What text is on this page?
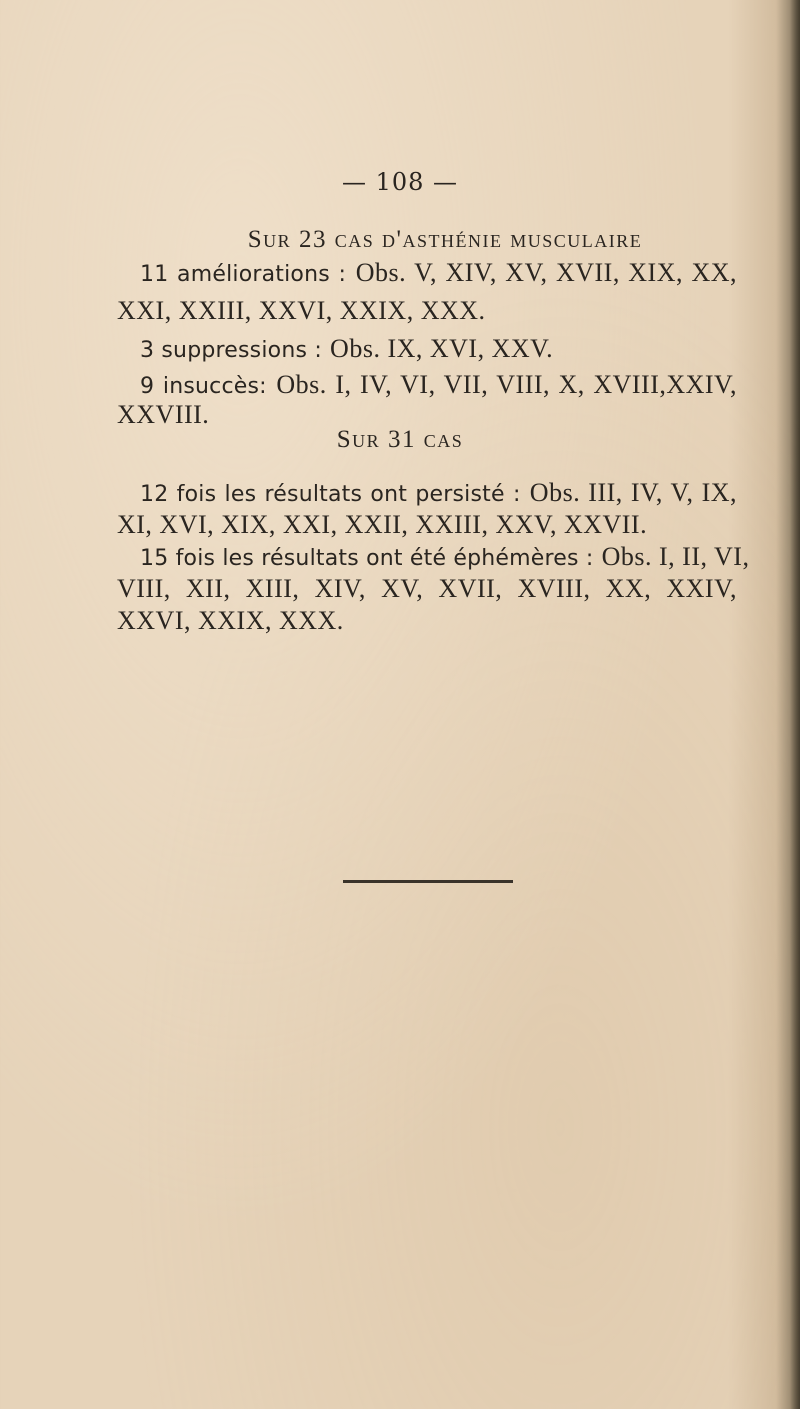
— 108 —
Sur 23 cas d'asthénie musculaire
11 améliorations : Obs. V, XIV, XV, XVII, XIX, XX,
XXI, XXIII, XXVI, XXIX, XXX.
3 suppressions : Obs. IX, XVI, XXV.
9 insuccès: Obs. I, IV, VI, VII, VIII, X, XVIII,XXIV,
XXVIII.
Sur 31 cas
12 fois les résultats ont persisté : Obs. III, IV, V, IX,
XI, XVI, XIX, XXI, XXII, XXIII, XXV, XXVII.
15 fois les résultats ont été éphémères : Obs. I, II, VI,
VIII, XII, XIII, XIV, XV, XVII, XVIII, XX, XXIV,
XXVI, XXIX, XXX.
